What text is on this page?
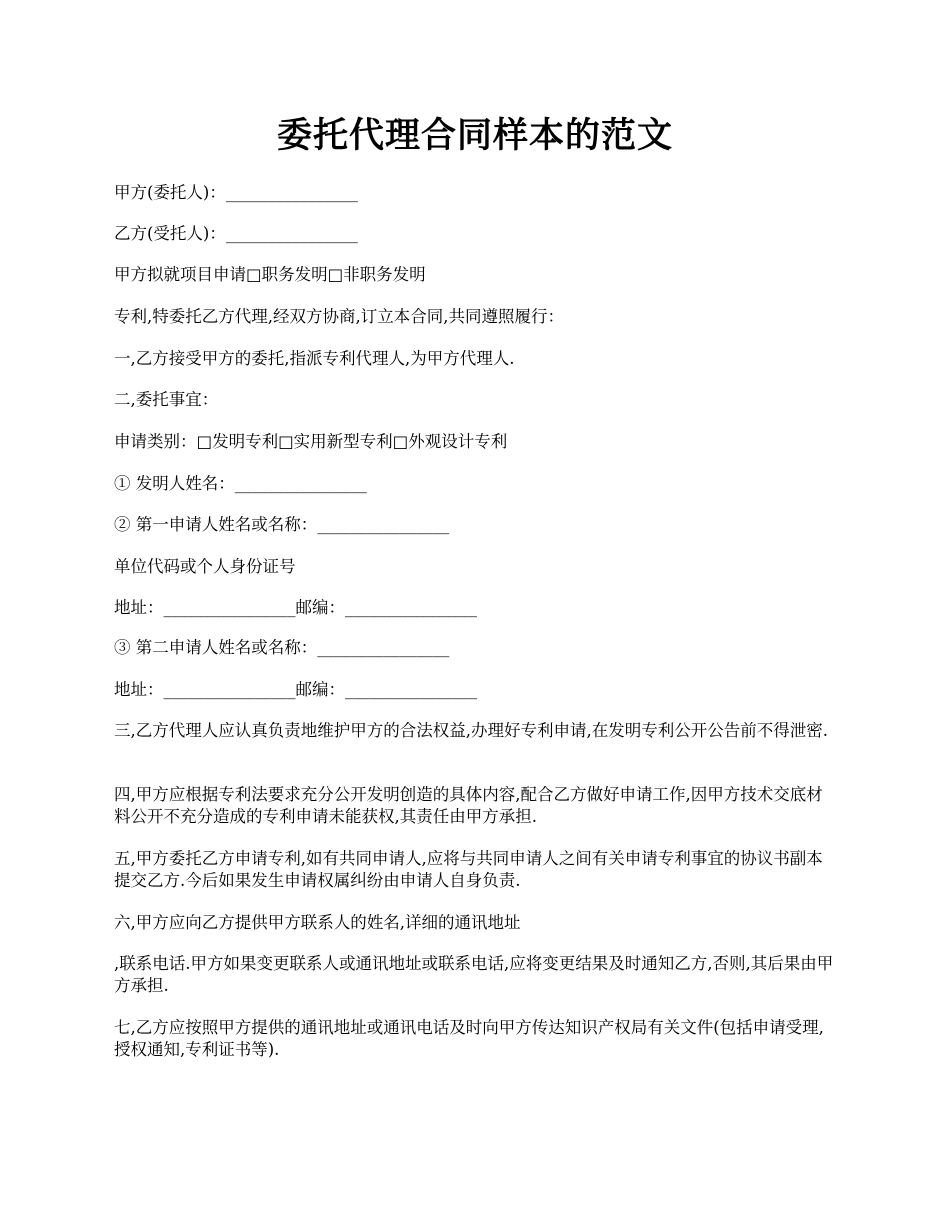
委托代理合同样本的范文
甲方(委托人)：________________
乙方(受托人)：________________
甲方拟就项目申请□职务发明□非职务发明
专利,特委托乙方代理,经双方协商,订立本合同,共同遵照履行：
一,乙方接受甲方的委托,指派专利代理人,为甲方代理人.
二,委托事宜：
申请类别：□发明专利□实用新型专利□外观设计专利
① 发明人姓名：________________
② 第一申请人姓名或名称：________________
单位代码或个人身份证号
地址：________________邮编：________________
③ 第二申请人姓名或名称：________________
地址：________________邮编：________________
三,乙方代理人应认真负责地维护甲方的合法权益,办理好专利申请,在发明专利公开公告前不得泄密.
四,甲方应根据专利法要求充分公开发明创造的具体内容,配合乙方做好申请工作,因甲方技术交底材料公开不充分造成的专利申请未能获权,其责任由甲方承担.
五,甲方委托乙方申请专利,如有共同申请人,应将与共同申请人之间有关申请专利事宜的协议书副本提交乙方.今后如果发生申请权属纠纷由申请人自身负责.
六,甲方应向乙方提供甲方联系人的姓名,详细的通讯地址
,联系电话.甲方如果变更联系人或通讯地址或联系电话,应将变更结果及时通知乙方,否则,其后果由甲方承担.
七,乙方应按照甲方提供的通讯地址或通讯电话及时向甲方传达知识产权局有关文件(包括申请受理,授权通知,专利证书等).
